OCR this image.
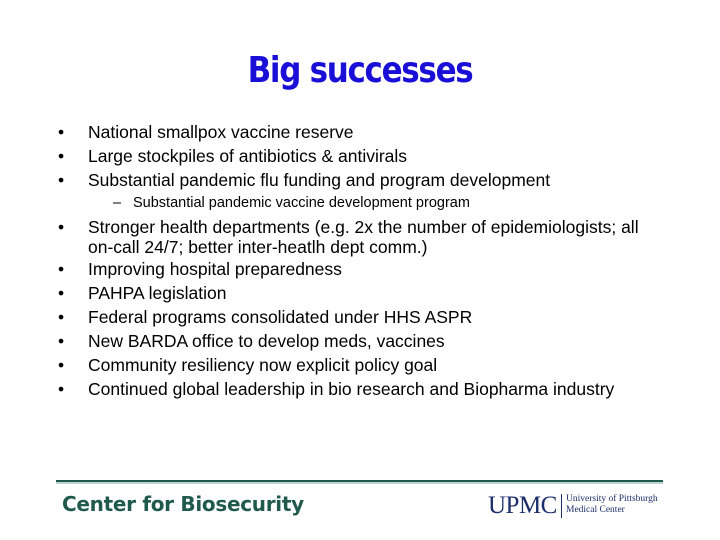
Big successes
• National smallpox vaccine reserve
• Large stockpiles of antibiotics & antivirals
• Substantial pandemic flu funding and program development
– Substantial pandemic vaccine development program
• Stronger health departments (e.g. 2x the number of epidemiologists; all on-call 24/7; better inter-heatlh dept comm.)
• Improving hospital preparedness
• PAHPA legislation
• Federal programs consolidated under HHS ASPR
• New BARDA office to develop meds, vaccines
• Community resiliency now explicit policy goal
• Continued global leadership in bio research and Biopharma industry
Center for Biosecurity	UPMC University of Pittsburgh
Medical Center
